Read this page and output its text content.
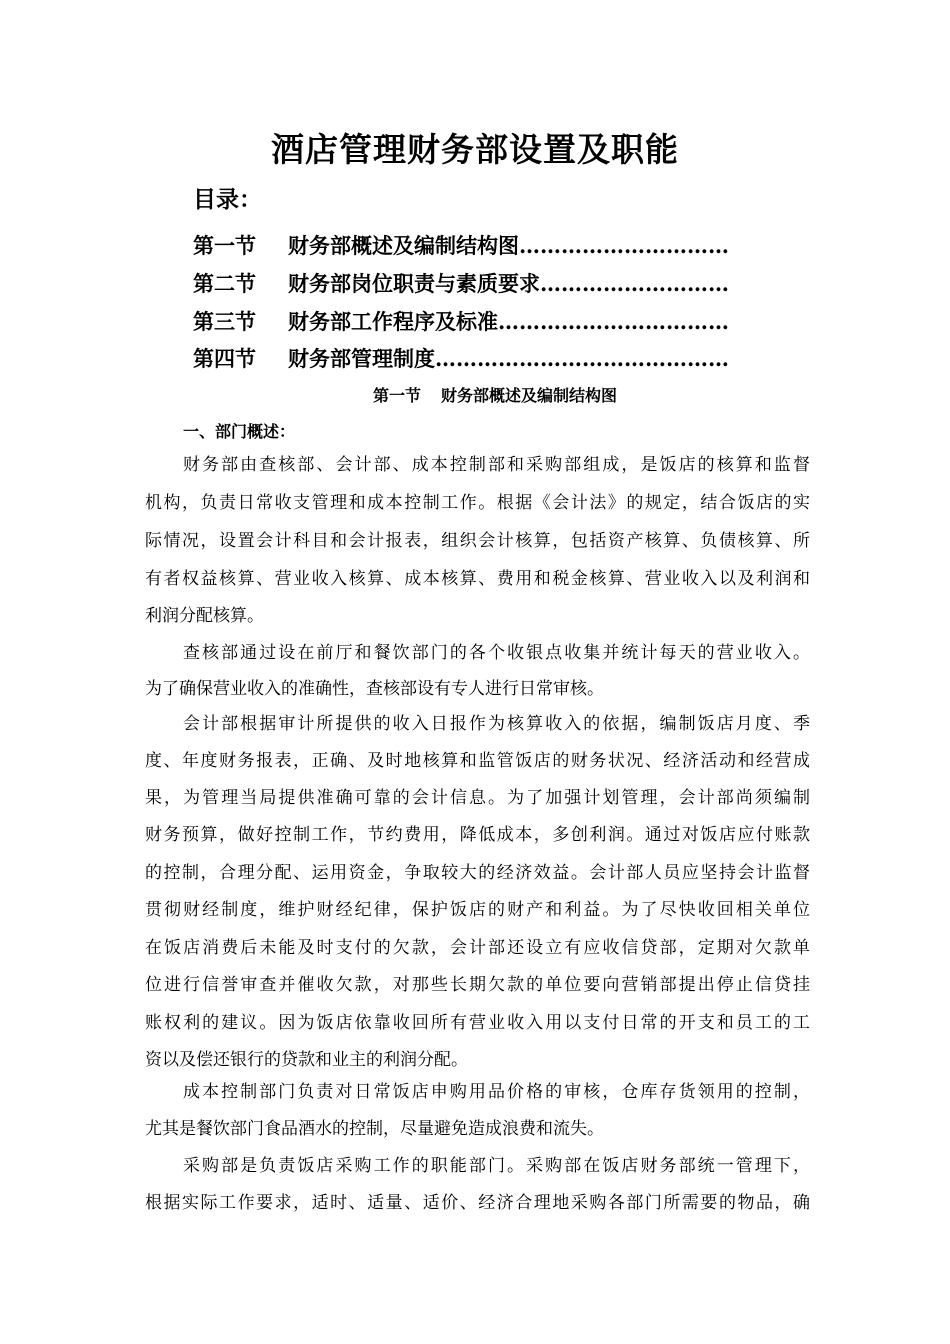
酒店管理财务部设置及职能
目录：
第一节 财务部概述及编制结构图…………………………
第二节 财务部岗位职责与素质要求………………………
第三节 财务部工作程序及标准……………………………
第四节 财务部管理制度……………………………………
第一节 财务部概述及编制结构图
一、部门概述：
财务部由查核部、会计部、成本控制部和采购部组成，是饭店的核算和监督
机构，负责日常收支管理和成本控制工作。根据《会计法》的规定，结合饭店的实
际情况，设置会计科目和会计报表，组织会计核算，包括资产核算、负债核算、所
有者权益核算、营业收入核算、成本核算、费用和税金核算、营业收入以及利润和
利润分配核算。
查核部通过设在前厅和餐饮部门的各个收银点收集并统计每天的营业收入。
为了确保营业收入的准确性，查核部设有专人进行日常审核。
会计部根据审计所提供的收入日报作为核算收入的依据，编制饭店月度、季
度、年度财务报表，正确、及时地核算和监管饭店的财务状况、经济活动和经营成
果，为管理当局提供准确可靠的会计信息。为了加强计划管理，会计部尚须编制
财务预算，做好控制工作，节约费用，降低成本，多创利润。通过对饭店应付账款
的控制，合理分配、运用资金，争取较大的经济效益。会计部人员应坚持会计监督
贯彻财经制度，维护财经纪律，保护饭店的财产和利益。为了尽快收回相关单位
在饭店消费后未能及时支付的欠款，会计部还设立有应收信贷部，定期对欠款单
位进行信誉审查并催收欠款，对那些长期欠款的单位要向营销部提出停止信贷挂
账权利的建议。因为饭店依靠收回所有营业收入用以支付日常的开支和员工的工
资以及偿还银行的贷款和业主的利润分配。
成本控制部门负责对日常饭店申购用品价格的审核，仓库存货领用的控制，
尤其是餐饮部门食品酒水的控制，尽量避免造成浪费和流失。
采购部是负责饭店采购工作的职能部门。采购部在饭店财务部统一管理下，
根据实际工作要求，适时、适量、适价、经济合理地采购各部门所需要的物品，确
